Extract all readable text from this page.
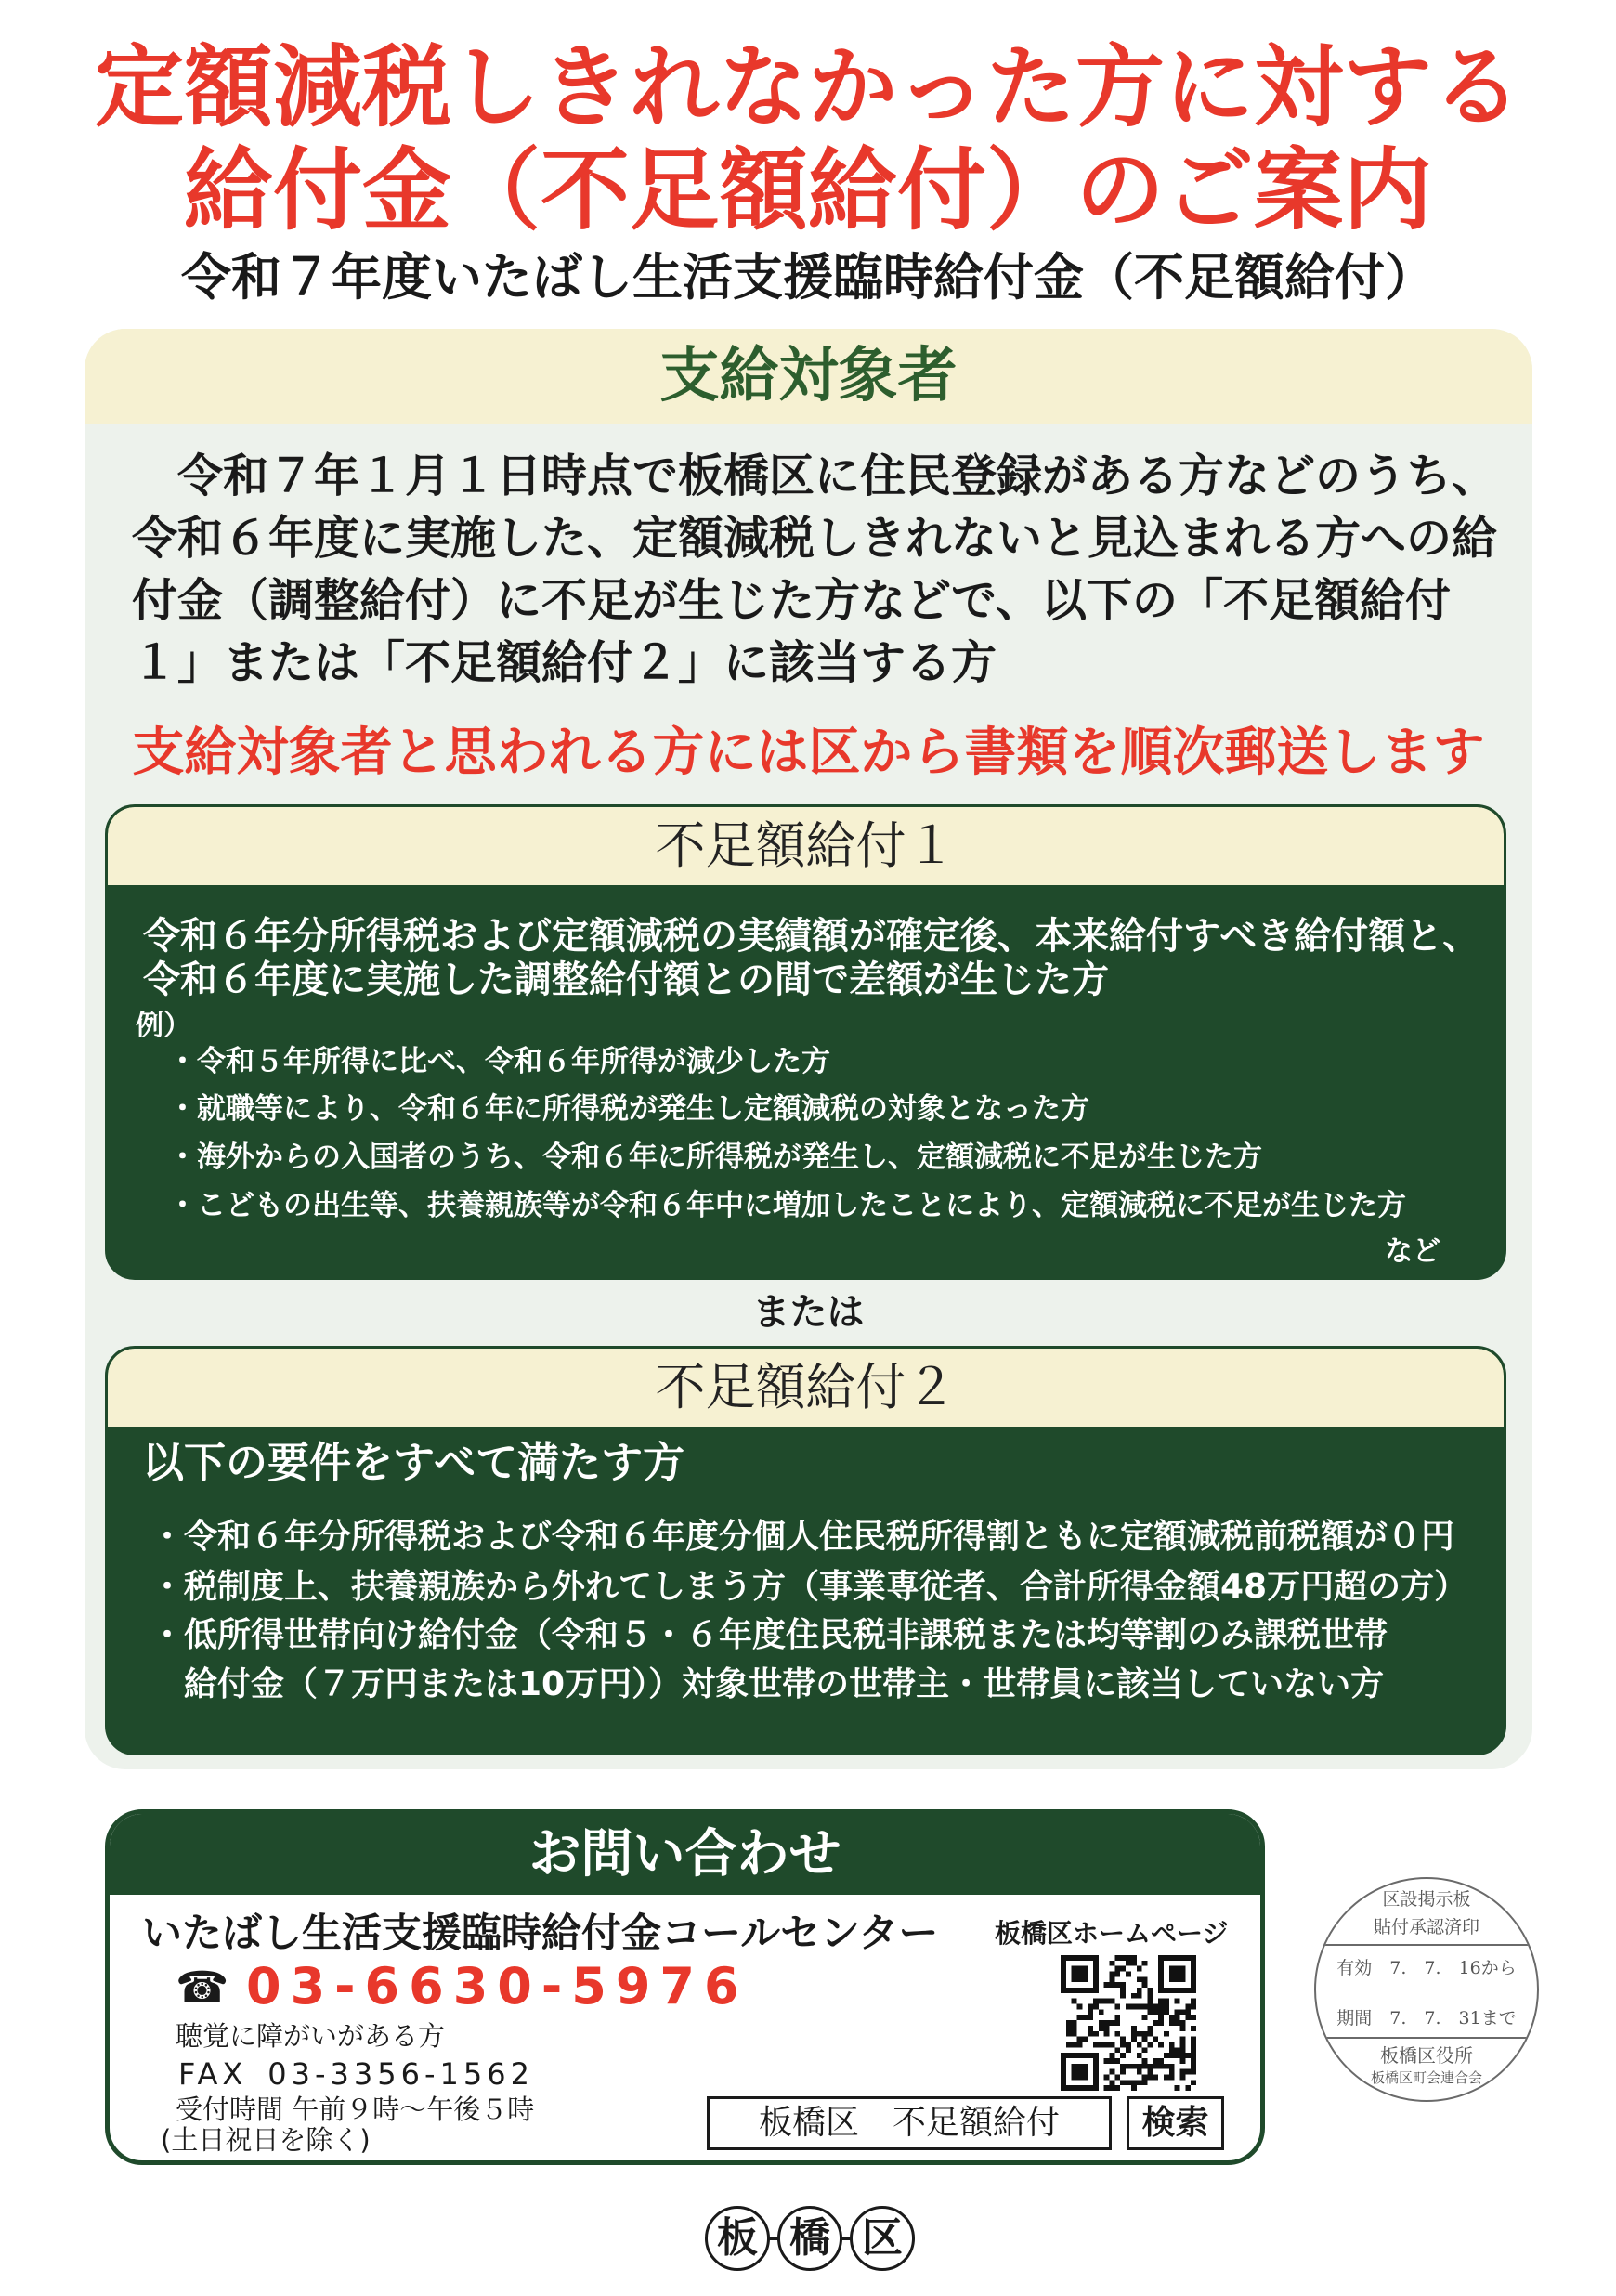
定額減税しきれなかった方に対する
給付金（不足額給付）のご案内
令和７年度いたばし生活支援臨時給付金（不足額給付）
支給対象者
令和７年１月１日時点で板橋区に住民登録がある方などのうち、
令和６年度に実施した、定額減税しきれないと見込まれる方への給
付金（調整給付）に不足が生じた方などで、以下の「不足額給付
１」または「不足額給付２」に該当する方
支給対象者と思われる方には区から書類を順次郵送します
不足額給付１
令和６年分所得税および定額減税の実績額が確定後、本来給付すべき給付額と、
令和６年度に実施した調整給付額との間で差額が生じた方
例）
・令和５年所得に比べ、令和６年所得が減少した方
・就職等により、令和６年に所得税が発生し定額減税の対象となった方
・海外からの入国者のうち、令和６年に所得税が発生し、定額減税に不足が生じた方
・こどもの出生等、扶養親族等が令和６年中に増加したことにより、定額減税に不足が生じた方
など
または
不足額給付２
以下の要件をすべて満たす方
・令和６年分所得税および令和６年度分個人住民税所得割ともに定額減税前税額が０円
・税制度上、扶養親族から外れてしまう方（事業専従者、合計所得金額48万円超の方）
・低所得世帯向け給付金（令和５・６年度住民税非課税または均等割のみ課税世帯
給付金（７万円または10万円））対象世帯の世帯主・世帯員に該当していない方
お問い合わせ
いたばし生活支援臨時給付金コールセンター 板橋区ホームページ
☎
03-6630-5976
聴覚に障がいがある方
FAX 03-3356-1562
受付時間 午前９時～午後５時
(土日祝日を除く)	板橋区　不足額給付	検索
区設掲示板
貼付承認済印
有効　7.　7.　16から
期間　7.　7.　31まで
板橋区役所
板橋区町会連合会
板 橋 区
